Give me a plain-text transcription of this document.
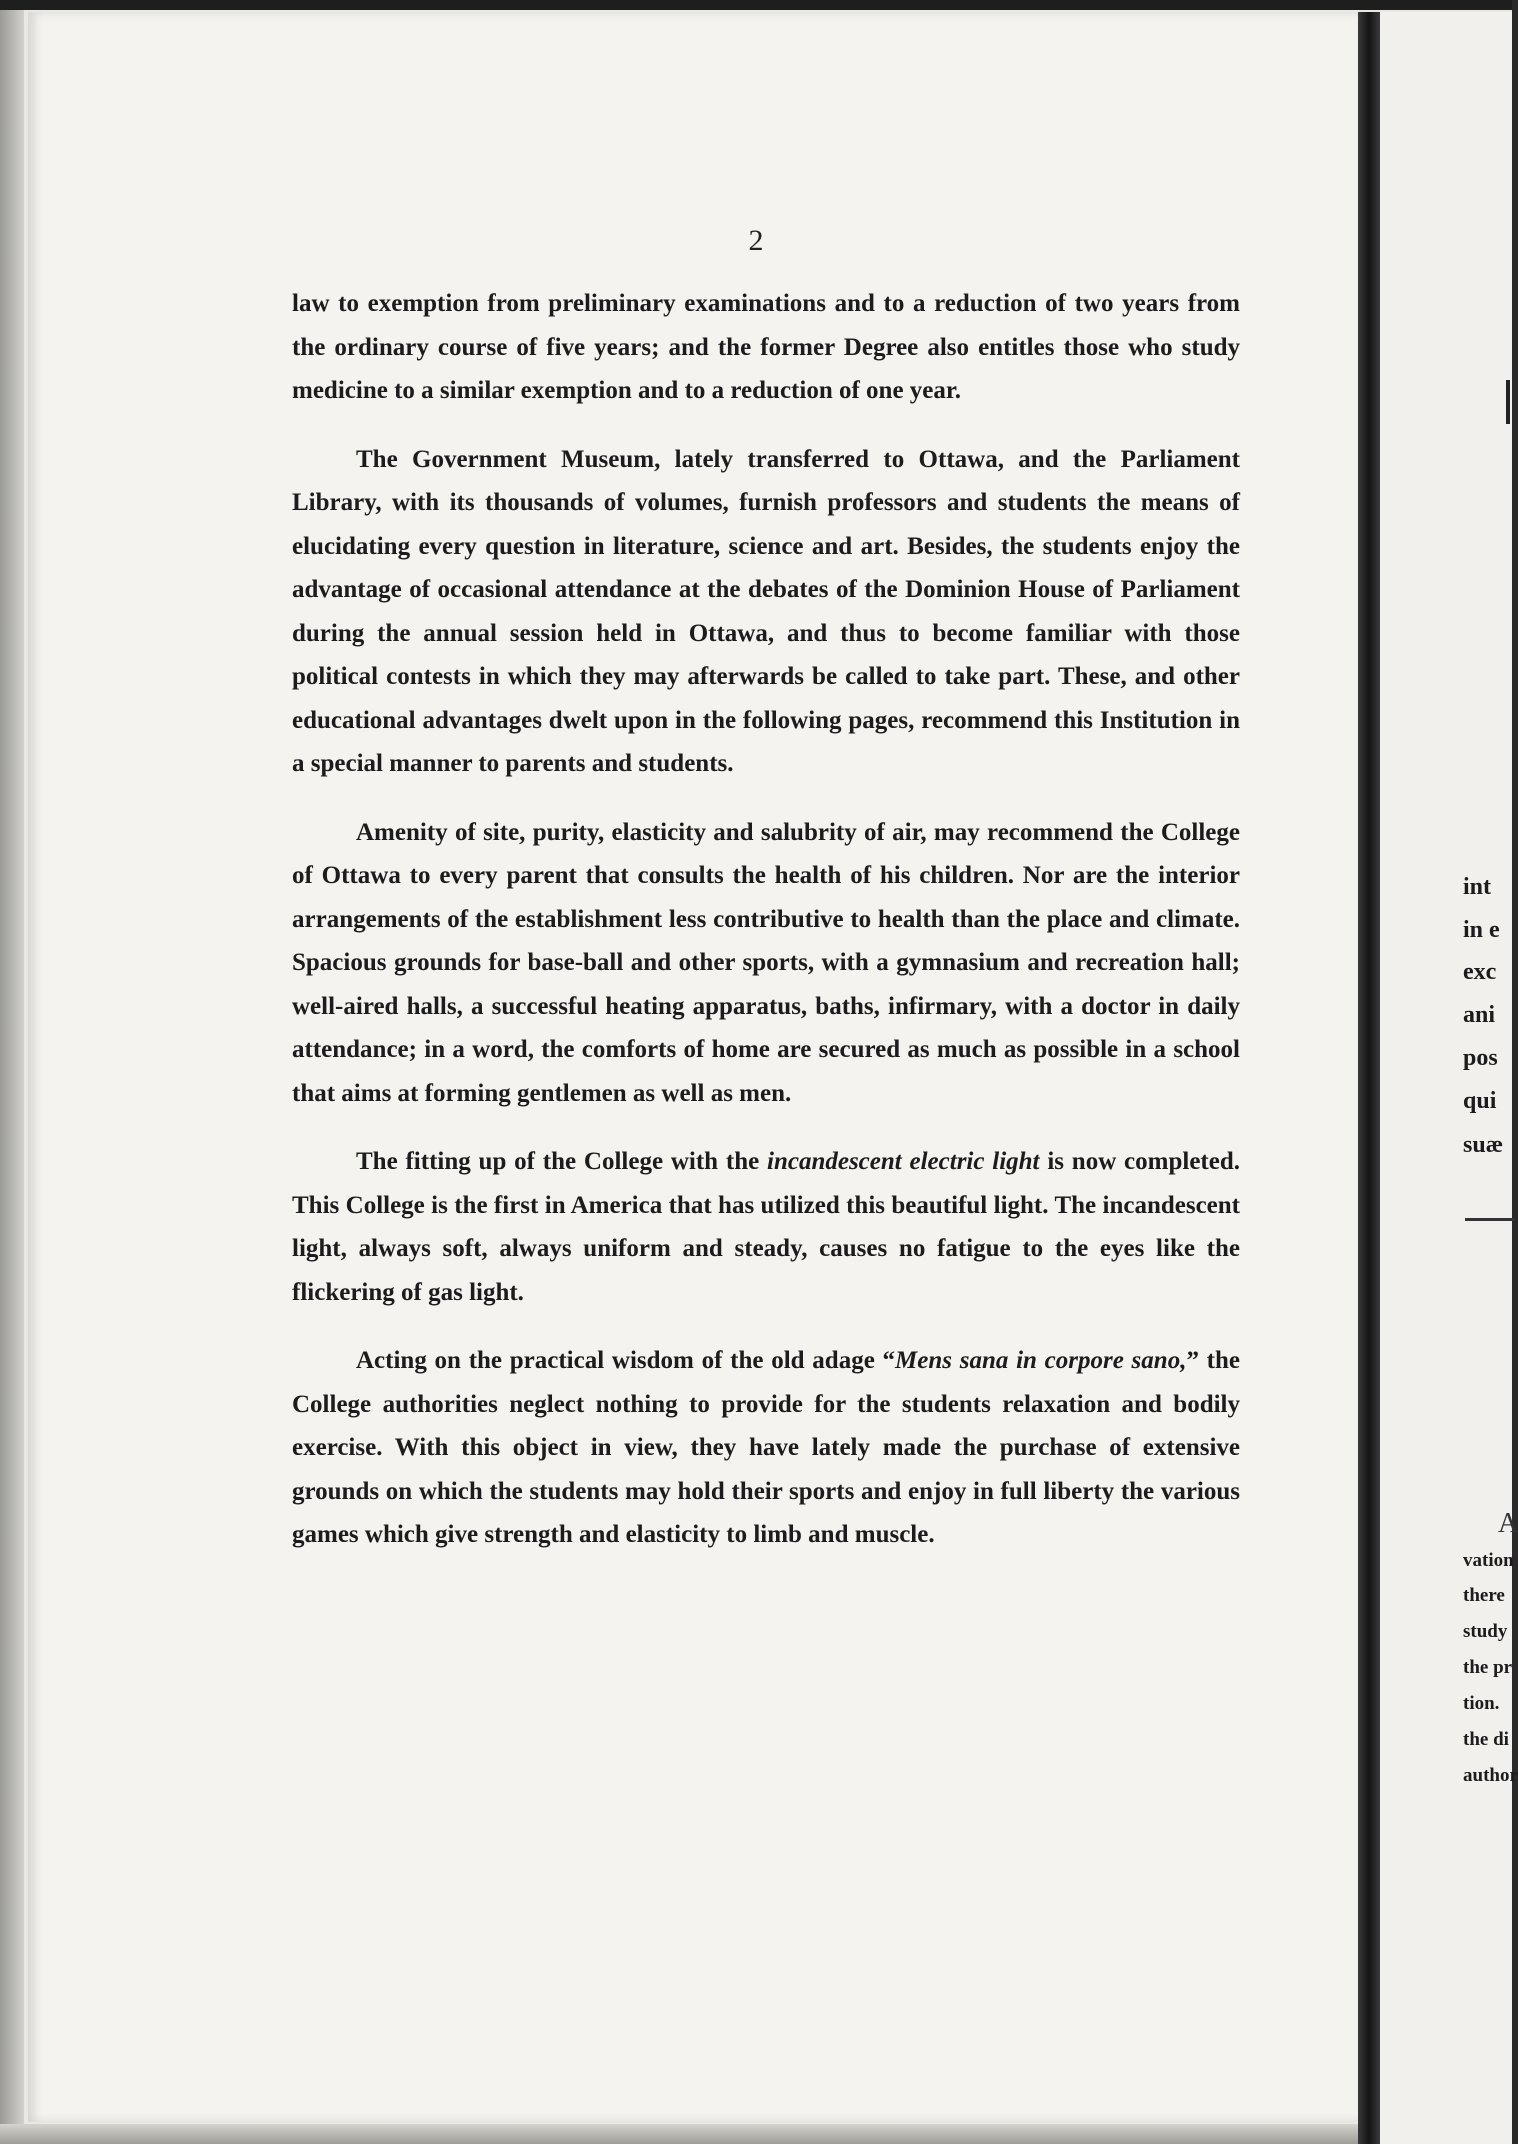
2

law to exemption from preliminary examinations and to a reduction of two years from the ordinary course of five years; and the former Degree also entitles those who study medicine to a similar exemption and to a reduction of one year.

The Government Museum, lately transferred to Ottawa, and the Parliament Library, with its thousands of volumes, furnish professors and students the means of elucidating every question in literature, science and art. Besides, the students enjoy the advantage of occasional attendance at the debates of the Dominion House of Parliament during the annual session held in Ottawa, and thus to become familiar with those political contests in which they may afterwards be called to take part. These, and other educational advantages dwelt upon in the following pages, recommend this Institution in a special manner to parents and students.

Amenity of site, purity, elasticity and salubrity of air, may recommend the College of Ottawa to every parent that consults the health of his children. Nor are the interior arrangements of the establishment less contributive to health than the place and climate. Spacious grounds for base-ball and other sports, with a gymnasium and recreation hall; well-aired halls, a successful heating apparatus, baths, infirmary, with a doctor in daily attendance; in a word, the comforts of home are secured as much as possible in a school that aims at forming gentlemen as well as men.

The fitting up of the College with the incandescent electric light is now completed. This College is the first in America that has utilized this beautiful light. The incandescent light, always soft, always uniform and steady, causes no fatigue to the eyes like the flickering of gas light.

Acting on the practical wisdom of the old adage “Mens sana in corpore sano,” the College authorities neglect nothing to provide for the students relaxation and bodily exercise. With this object in view, they have lately made the purchase of extensive grounds on which the students may hold their sports and enjoy in full liberty the various games which give strength and elasticity to limb and muscle.

int
in e
exc
ani
pos
qui
suæ
A
vation
there
study
the pr
tion.
the di
author
